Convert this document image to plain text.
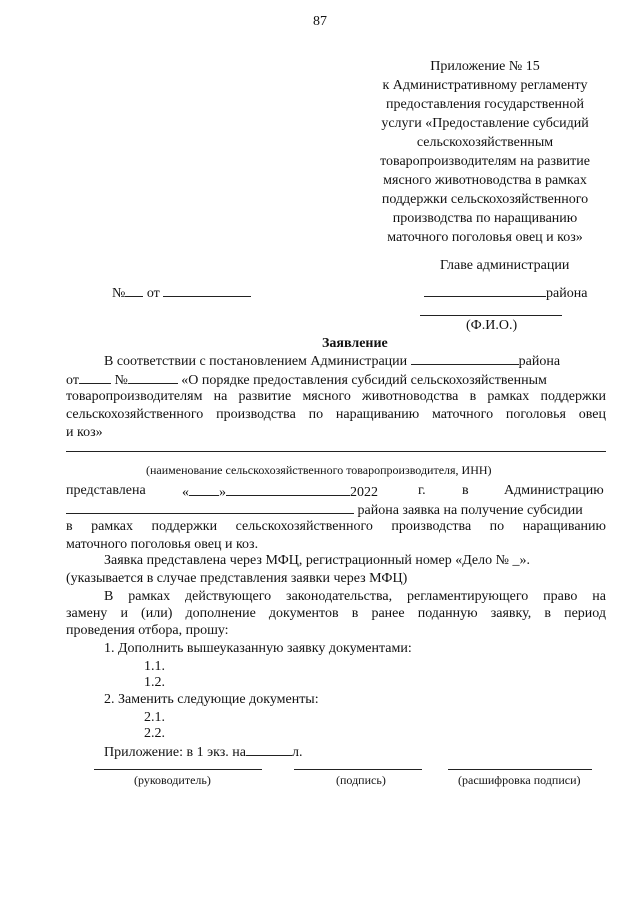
87
Приложение № 15
к Административному регламенту
предоставления государственной
услуги «Предоставление субсидий
сельскохозяйственным
товаропроизводителям на развитие
мясного животноводства в рамках
поддержки сельскохозяйственного
производства по наращиванию
маточного поголовья овец и коз»
Главе администрации
№ от	района
(Ф.И.О.)
Заявление
В соответствии с постановлением Администрации	района
от	№	«О порядке предоставления субсидий сельскохозяйственным
товаропроизводителям на развитие мясного животноводства в рамках поддержки
сельскохозяйственного производства по наращиванию маточного поголовья овец
и коз»
(наименование сельскохозяйственного товаропроизводителя, ИНН)
представлена	« »	2022	г.	в	Администрацию
района заявка на получение субсидии
в рамках поддержки сельскохозяйственного производства по наращиванию
маточного поголовья овец и коз.
Заявка представлена через МФЦ, регистрационный номер «Дело № _».
(указывается в случае представления заявки через МФЦ)
В рамках действующего законодательства, регламентирующего право на
замену и (или) дополнение документов в ранее поданную заявку, в период
проведения отбора, прошу:
1. Дополнить вышеуказанную заявку документами:
1.1.
1.2.
2. Заменить следующие документы:
2.1.
2.2.
Приложение: в 1 экз. на	л.
(руководитель)	(подпись)	(расшифровка подписи)
